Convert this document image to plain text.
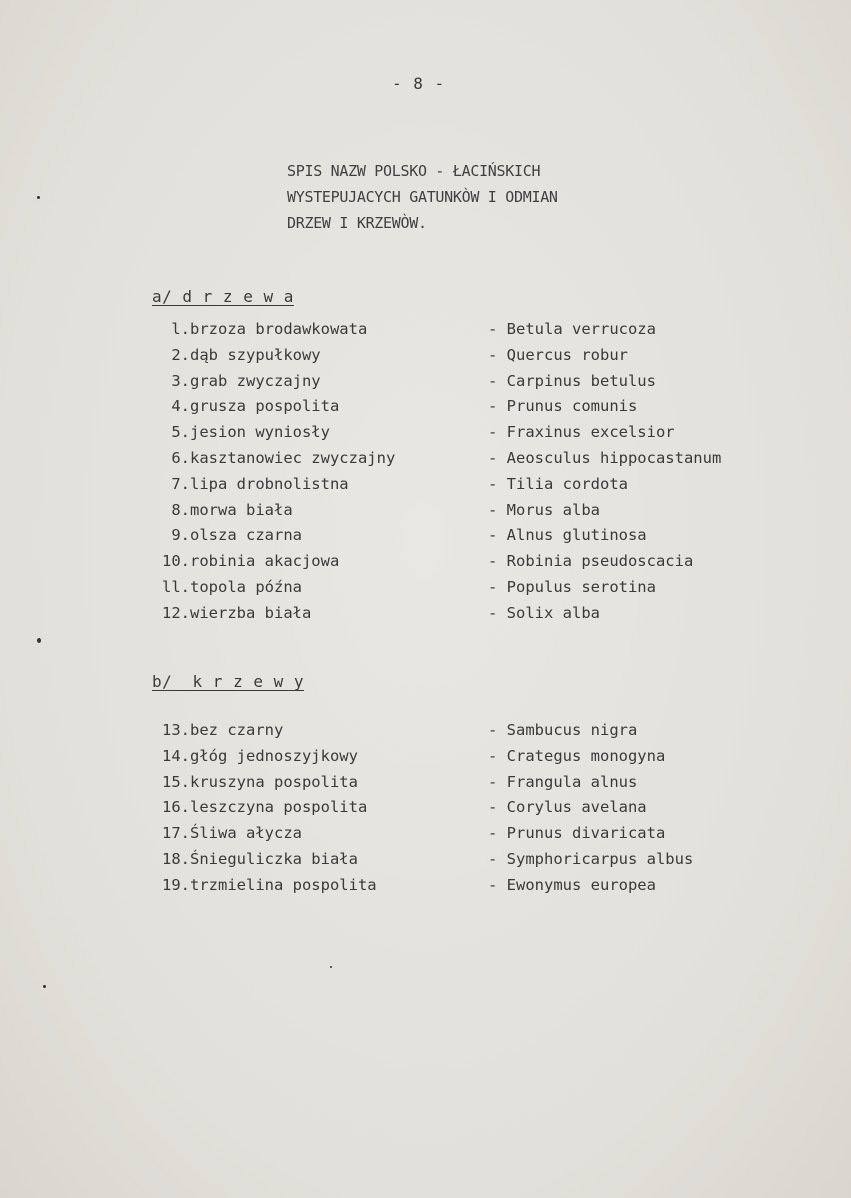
- 8 -
SPIS NAZW POLSKO - ŁACIŃSKICH
WYSTEPUJACYCH GATUNKÒW I ODMIAN
DRZEW I KRZEWÒW.
a/ d r z e w a
l.brzoza brodawkowata	- Betula verrucoza
2.dąb szypułkowy	- Quercus robur
3.grab zwyczajny	- Carpinus betulus
4.grusza pospolita	- Prunus comunis
5.jesion wyniosły	- Fraxinus excelsior
6.kasztanowiec zwyczajny	- Aeosculus hippocastanum
7.lipa drobnolistna	- Tilia cordota
8.morwa biała	- Morus alba
9.olsza czarna	- Alnus glutinosa
10.robinia akacjowa	- Robinia pseudoscacia
ll.topola późna	- Populus serotina
12.wierzba biała	- Solix alba
b/  k r z e w y
13.bez czarny	- Sambucus nigra
14.głóg jednoszyjkowy	- Crategus monogyna
15.kruszyna pospolita	- Frangula alnus
16.leszczyna pospolita	- Corylus avelana
17.Śliwa ałycza	- Prunus divaricata
18.Śnieguliczka biała	- Symphoricarpus albus
19.trzmielina pospolita	- Ewonymus europea
